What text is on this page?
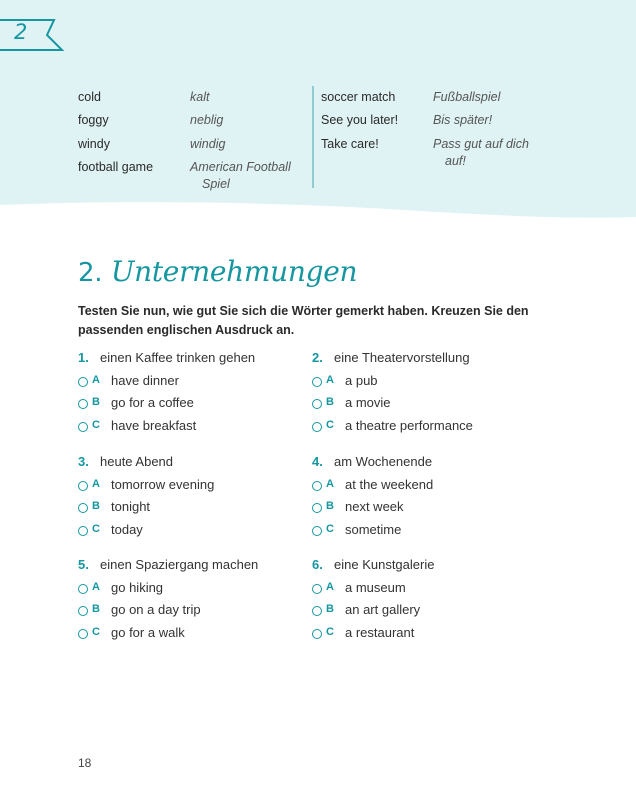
2
cold	kalt
foggy	neblig
windy	windig
football game	American Football
Spiel
soccer match	Fußballspiel
See you later!	Bis später!
Take care!	Pass gut auf dich
auf!
2. Unternehmungen
Testen Sie nun, wie gut Sie sich die Wörter gemerkt haben. Kreuzen Sie den passenden englischen Ausdruck an.
1. einen Kaffee trinken gehen
A have dinner
B go for a coffee
C have breakfast
2. eine Theatervorstellung
A a pub
B a movie
C a theatre performance
3. heute Abend
A tomorrow evening
B tonight
C today
4. am Wochenende
A at the weekend
B next week
C sometime
5. einen Spaziergang machen
A go hiking
B go on a day trip
C go for a walk
6. eine Kunstgalerie
A a museum
B an art gallery
C a restaurant
18
